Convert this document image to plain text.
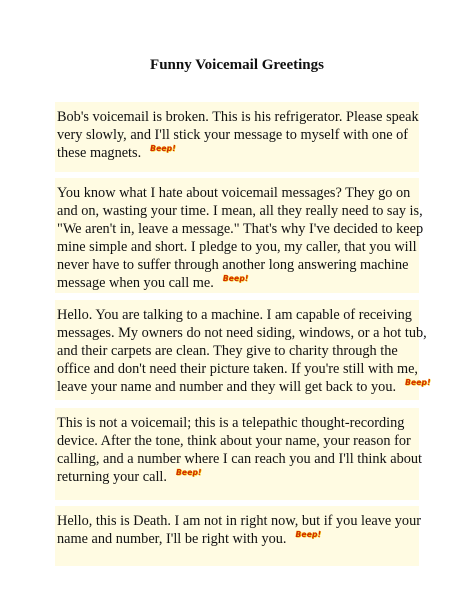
Funny Voicemail Greetings

Bob's voicemail is broken. This is his refrigerator. Please speak

very slowly, and I'll stick your message to myself with one of

these magnets. Beep!

You know what I hate about voicemail messages? They go on

and on, wasting your time. I mean, all they really need to say is,

"We aren't in, leave a message." That's why I've decided to keep

mine simple and short. I pledge to you, my caller, that you will

never have to suffer through another long answering machine

message when you call me. Beep!

Hello. You are talking to a machine. I am capable of receiving

messages. My owners do not need siding, windows, or a hot tub,

and their carpets are clean. They give to charity through the

office and don't need their picture taken. If you're still with me,

leave your name and number and they will get back to you. Beep!

This is not a voicemail; this is a telepathic thought-recording

device. After the tone, think about your name, your reason for

calling, and a number where I can reach you and I'll think about

returning your call. Beep!

Hello, this is Death. I am not in right now, but if you leave your

name and number, I'll be right with you. Beep!
